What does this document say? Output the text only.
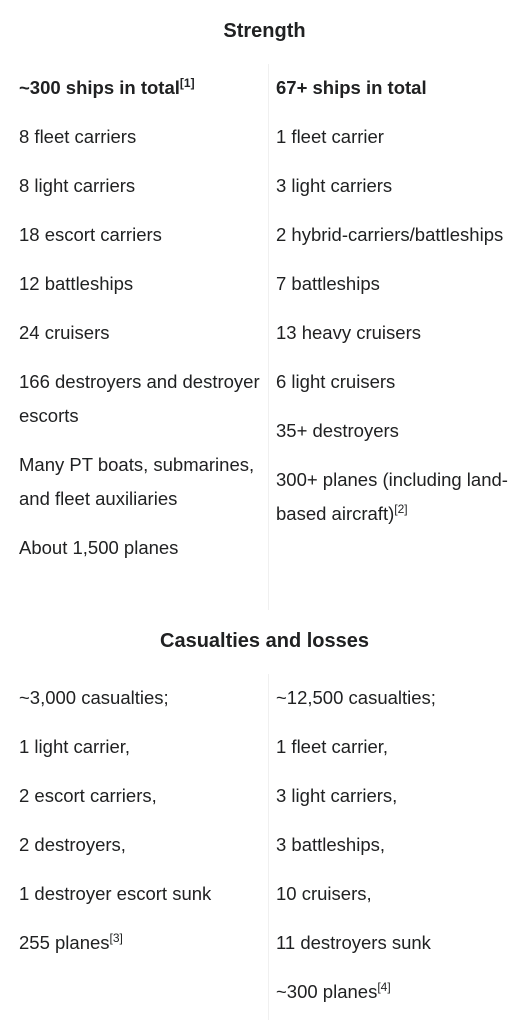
Strength
~300 ships in total[1]
8 fleet carriers
8 light carriers
18 escort carriers
12 battleships
24 cruisers
166 destroyers and destroyer escorts
Many PT boats, submarines, and fleet auxiliaries
About 1,500 planes
67+ ships in total
1 fleet carrier
3 light carriers
2 hybrid-carriers/battleships
7 battleships
13 heavy cruisers
6 light cruisers
35+ destroyers
300+ planes (including land-based aircraft)[2]
Casualties and losses
~3,000 casualties;
1 light carrier,
2 escort carriers,
2 destroyers,
1 destroyer escort sunk
255 planes[3]
~12,500 casualties;
1 fleet carrier,
3 light carriers,
3 battleships,
10 cruisers,
11 destroyers sunk
~300 planes[4]
